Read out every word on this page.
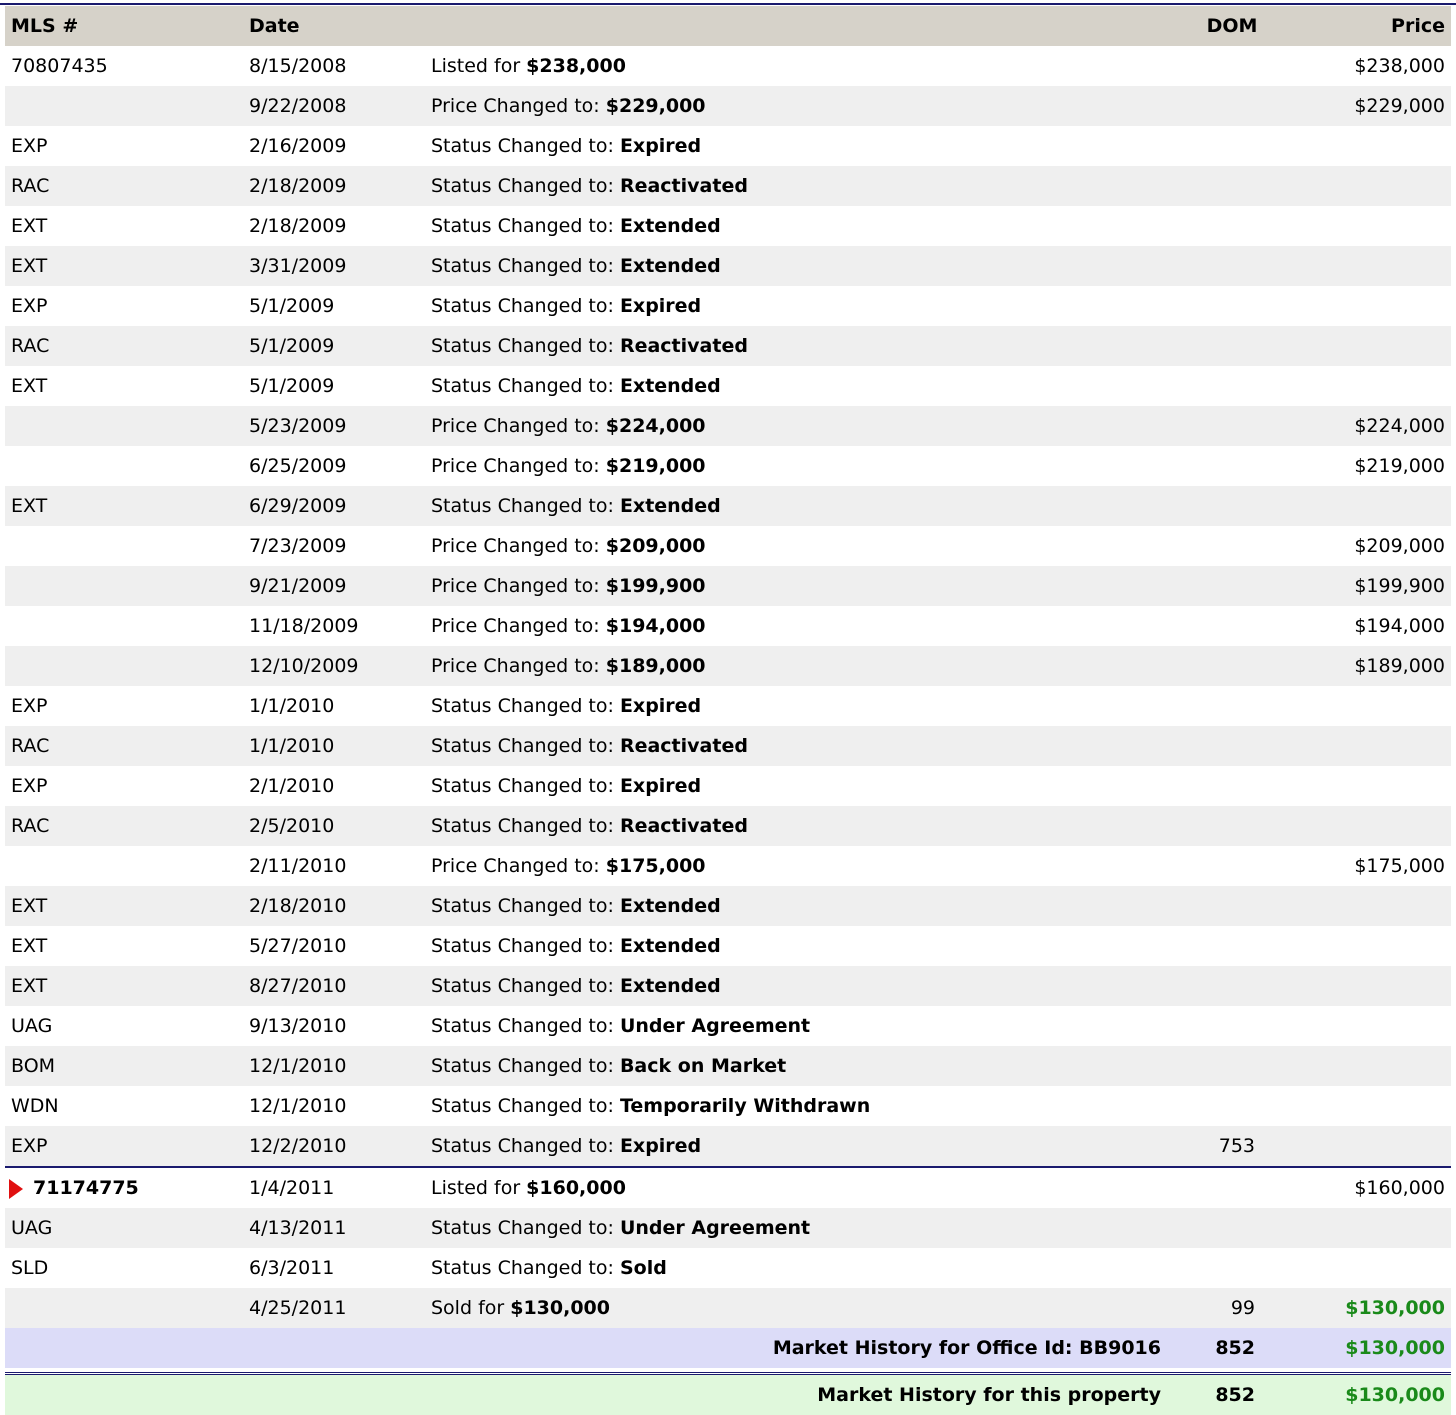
MLS #	Date		DOM	Price
70807435	8/15/2008	Listed for $238,000		$238,000
	9/22/2008	Price Changed to: $229,000		$229,000
EXP	2/16/2009	Status Changed to: Expired		
RAC	2/18/2009	Status Changed to: Reactivated		
EXT	2/18/2009	Status Changed to: Extended		
EXT	3/31/2009	Status Changed to: Extended		
EXP	5/1/2009	Status Changed to: Expired		
RAC	5/1/2009	Status Changed to: Reactivated		
EXT	5/1/2009	Status Changed to: Extended		
	5/23/2009	Price Changed to: $224,000		$224,000
	6/25/2009	Price Changed to: $219,000		$219,000
EXT	6/29/2009	Status Changed to: Extended		
	7/23/2009	Price Changed to: $209,000		$209,000
	9/21/2009	Price Changed to: $199,900		$199,900
	11/18/2009	Price Changed to: $194,000		$194,000
	12/10/2009	Price Changed to: $189,000		$189,000
EXP	1/1/2010	Status Changed to: Expired		
RAC	1/1/2010	Status Changed to: Reactivated		
EXP	2/1/2010	Status Changed to: Expired		
RAC	2/5/2010	Status Changed to: Reactivated		
	2/11/2010	Price Changed to: $175,000		$175,000
EXT	2/18/2010	Status Changed to: Extended		
EXT	5/27/2010	Status Changed to: Extended		
EXT	8/27/2010	Status Changed to: Extended		
UAG	9/13/2010	Status Changed to: Under Agreement		
BOM	12/1/2010	Status Changed to: Back on Market		
WDN	12/1/2010	Status Changed to: Temporarily Withdrawn		
EXP	12/2/2010	Status Changed to: Expired	753	
71174775	1/4/2011	Listed for $160,000		$160,000
UAG	4/13/2011	Status Changed to: Under Agreement		
SLD	6/3/2011	Status Changed to: Sold		
	4/25/2011	Sold for $130,000	99	$130,000
Market History for Office Id: BB9016			852	$130,000

Market History for this property			852	$130,000
